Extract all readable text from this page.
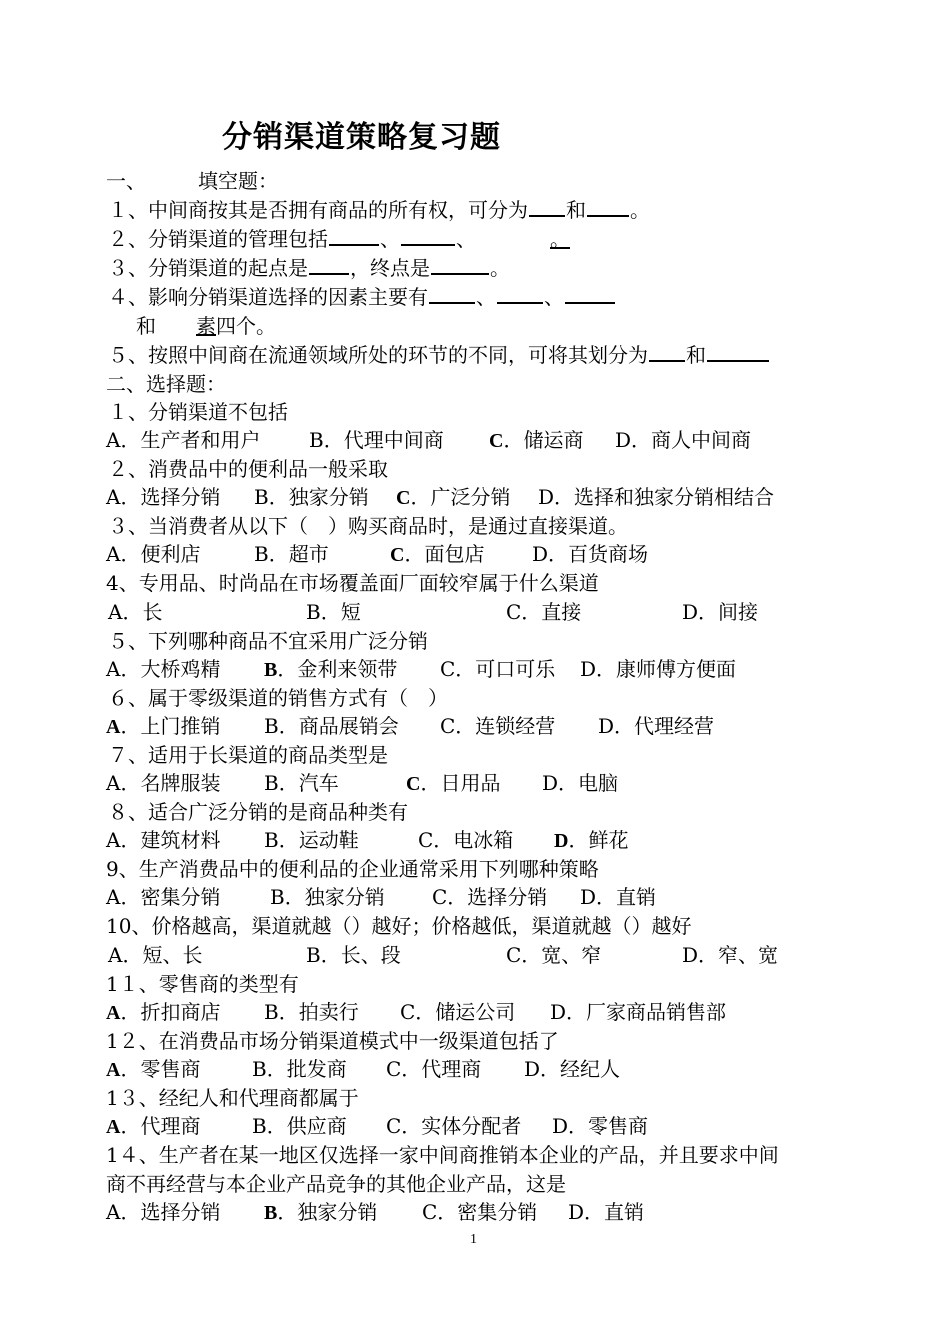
分销渠道策略复习题
一、	填空题：
１、中间商按其是否拥有商品的所有权，可分为 和 。
２、分销渠道的管理包括	、	、	。
３、分销渠道的起点是 ，终点是	。
４、影响分销渠道选择的因素主要有 、 、
和 素四个。
５、按照中间商在流通领域所处的环节的不同，可将其划分为 和
二、选择题：
１、分销渠道不包括
A．生产者和用户 B．代理中间商 C．储运商 D．商人中间商
２、消费品中的便利品一般采取
A．选择分销 B．独家分销 C．广泛分销 D．选择和独家分销相结合
３、当消费者从以下（　）购买商品时，是通过直接渠道。
A．便利店	B．超市	C．面包店 D．百货商场
4、专用品、时尚品在市场覆盖面厂面较窄属于什么渠道
A．长	B．短	C．直接	D．间接
５、下列哪种商品不宜采用广泛分销
A．大桥鸡精 B．金利来领带 C．可口可乐 D．康师傅方便面
６、属于零级渠道的销售方式有（　）
A．上门推销 B．商品展销会 C．连锁经营 D．代理经营
７、适用于长渠道的商品类型是
A．名牌服装 B．汽车	C．日用品 D．电脑
８、适合广泛分销的是商品种类有
A．建筑材料 B．运动鞋	C．电冰箱 D．鲜花
9、生产消费品中的便利品的企业通常采用下列哪种策略
A．密集分销 B．独家分销 C．选择分销 D．直销
10、价格越高，渠道就越（）越好；价格越低，渠道就越（）越好
A．短、长	B．长、段	C．宽、窄	D．窄、宽
1１、零售商的类型有
A．折扣商店 B．拍卖行 C．储运公司 D．厂家商品销售部
1２、在消费品市场分销渠道模式中一级渠道包括了
A．零售商	B．批发商 C．代理商 D．经纪人
1３、经纪人和代理商都属于
A．代理商	B．供应商 C．实体分配者 D．零售商
1４、生产者在某一地区仅选择一家中间商推销本企业的产品，并且要求中间
商不再经营与本企业产品竞争的其他企业产品，这是
A．选择分销 B．独家分销 C．密集分销 D．直销
1
